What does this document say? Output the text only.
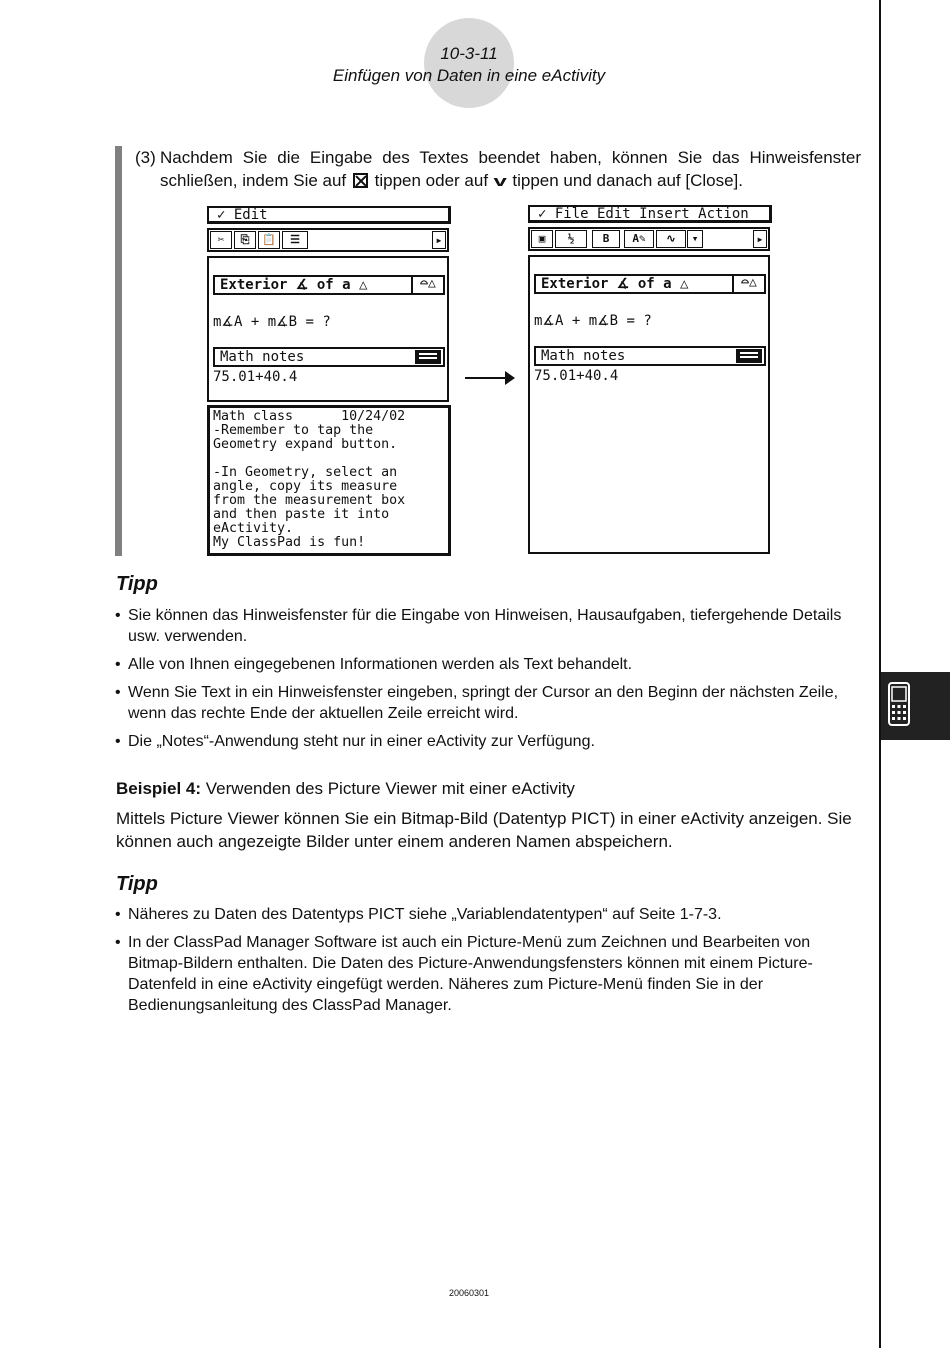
10-3-11
Einfügen von Daten in eine eActivity
(3) Nachdem Sie die Eingabe des Textes beendet haben, können Sie das Hinweisfenster schließen, indem Sie auf tippen oder auf v tippen und danach auf [Close].
✓ Edit
✂	⎘	📋	☰	▸
Exterior ∡ of a △	⌓△
m∡A + m∡B = ?
Math notes
75.01+40.4
Math class      10/24/02
-Remember to tap the
Geometry expand button.

-In Geometry, select an
angle, copy its measure
from the measurement box
and then paste it into
eActivity.
My ClassPad is fun!
✓ File Edit Insert Action
▣	½	B	A✎	∿	▾	▸
Exterior ∡ of a △	⌓△
m∡A + m∡B = ?
Math notes
75.01+40.4
Tipp
• Sie können das Hinweisfenster für die Eingabe von Hinweisen, Hausaufgaben, tiefergehende Details usw. verwenden.
• Alle von Ihnen eingegebenen Informationen werden als Text behandelt.
• Wenn Sie Text in ein Hinweisfenster eingeben, springt der Cursor an den Beginn der nächsten Zeile, wenn das rechte Ende der aktuellen Zeile erreicht wird.
• Die „Notes“-Anwendung steht nur in einer eActivity zur Verfügung.
Beispiel 4: Verwenden des Picture Viewer mit einer eActivity
Mittels Picture Viewer können Sie ein Bitmap-Bild (Datentyp PICT) in einer eActivity anzeigen. Sie können auch angezeigte Bilder unter einem anderen Namen abspeichern.
Tipp
• Näheres zu Daten des Datentyps PICT siehe „Variablendatentypen“ auf Seite 1-7-3.
• In der ClassPad Manager Software ist auch ein Picture-Menü zum Zeichnen und Bearbeiten von Bitmap-Bildern enthalten. Die Daten des Picture-Anwendungsfensters können mit einem Picture-Datenfeld in eine eActivity eingefügt werden. Näheres zum Picture-Menü finden Sie in der Bedienungsanleitung des ClassPad Manager.
20060301
